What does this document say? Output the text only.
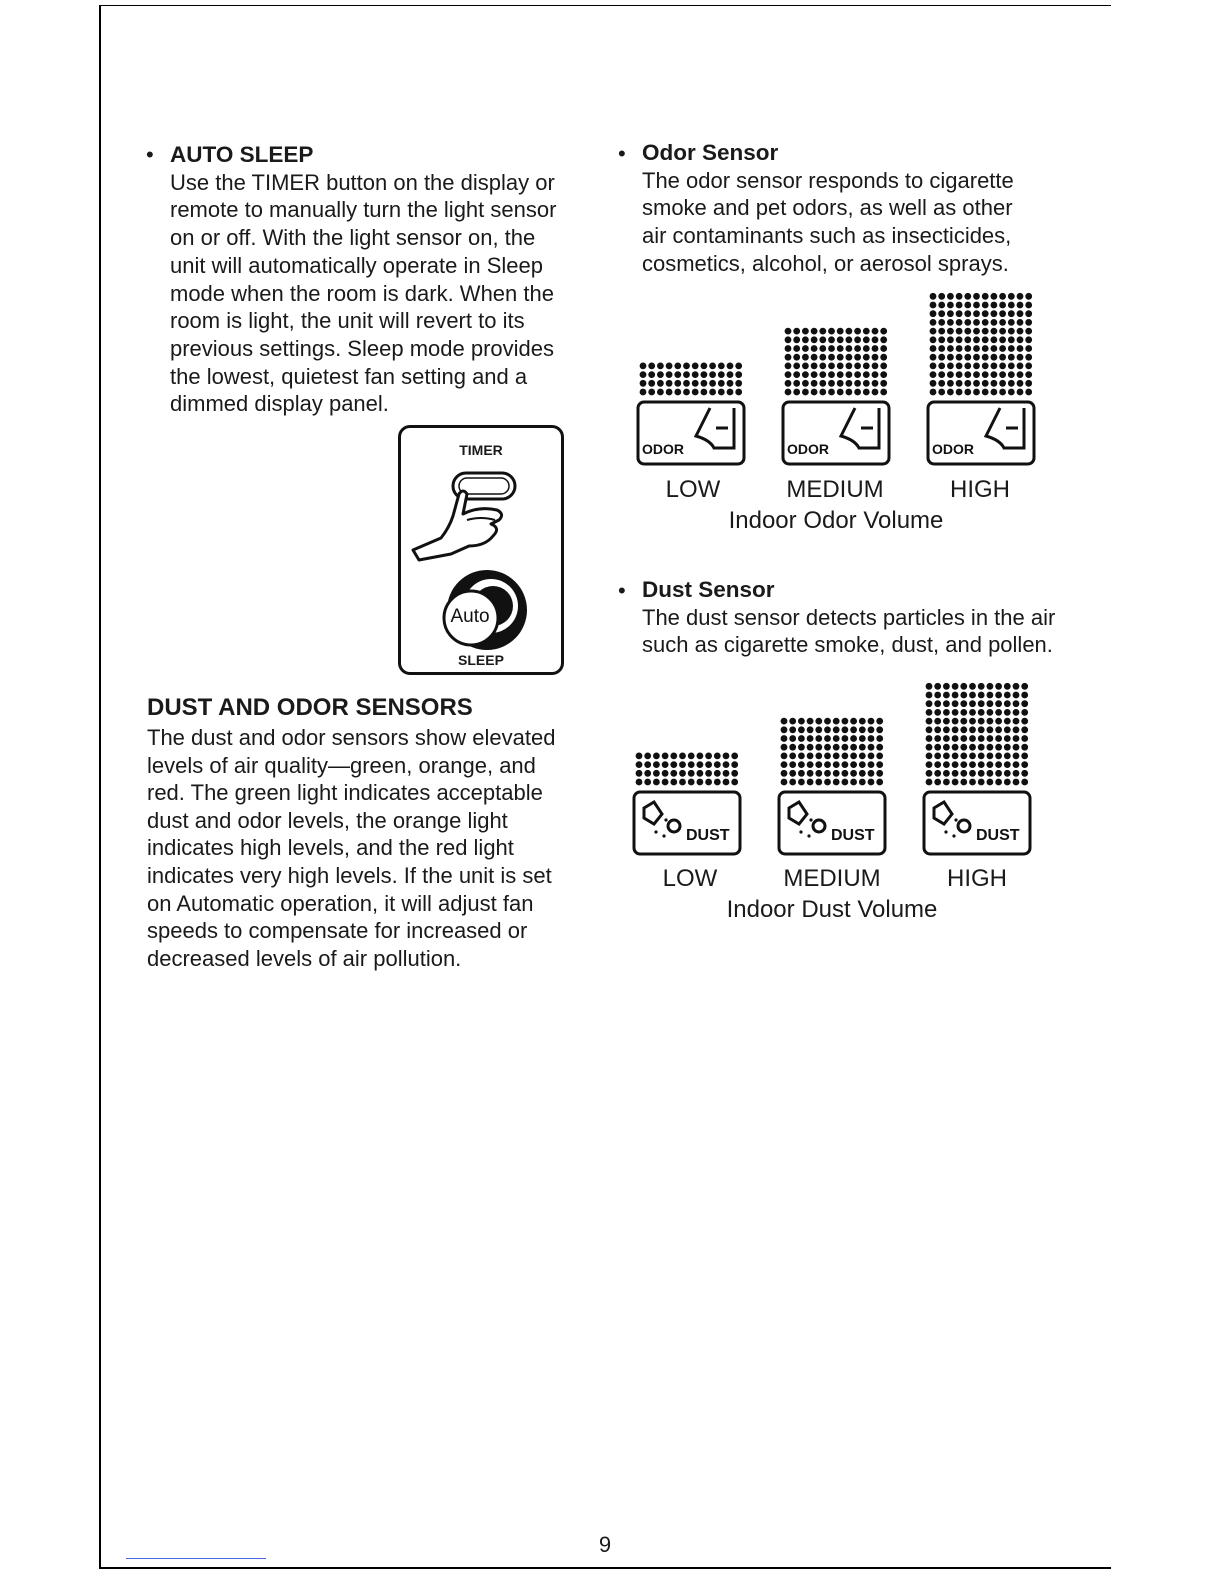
• AUTO SLEEP
Use the TIMER button on the display or
remote to manually turn the light sensor
on or off. With the light sensor on, the
unit will automatically operate in Sleep
mode when the room is dark. When the
room is light, the unit will revert to its
previous settings. Sleep mode provides
the lowest, quietest fan setting and a
dimmed display panel.
TIMER
Auto
SLEEP
DUST AND ODOR SENSORS
The dust and odor sensors show elevated
levels of air quality—green, orange, and
red. The green light indicates acceptable
dust and odor levels, the orange light
indicates high levels, and the red light
indicates very high levels. If the unit is set
on Automatic operation, it will adjust fan
speeds to compensate for increased or
decreased levels of air pollution.
• Odor Sensor
The odor sensor responds to cigarette
smoke and pet odors, as well as other
air contaminants such as insecticides,
cosmetics, alcohol, or aerosol sprays.
ODOR	ODOR	ODOR
LOW	MEDIUM	HIGH
Indoor Odor Volume
• Dust Sensor
The dust sensor detects particles in the air
such as cigarette smoke, dust, and pollen.
DUST	DUST	DUST
LOW	MEDIUM	HIGH
Indoor Dust Volume
9
